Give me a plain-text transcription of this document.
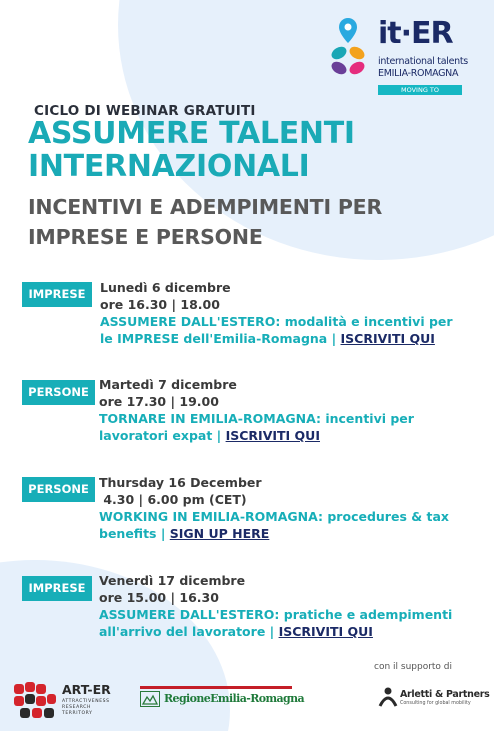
it·ER
international talents
EMILIA-ROMAGNA
MOVING TO
CICLO DI WEBINAR GRATUITI
ASSUMERE TALENTI
INTERNAZIONALI
INCENTIVI E ADEMPIMENTI PER
IMPRESE E PERSONE
IMPRESE	Lunedì 6 dicembre
ore 16.30 | 18.00
ASSUMERE DALL'ESTERO: modalità e incentivi per
le IMPRESE dell'Emilia-Romagna | ISCRIVITI QUI
PERSONE Martedì 7 dicembre
ore 17.30 | 19.00
TORNARE IN EMILIA-ROMAGNA: incentivi per
lavoratori expat | ISCRIVITI QUI
PERSONE Thursday 16 December
4.30 | 6.00 pm (CET)
WORKING IN EMILIA-ROMAGNA: procedures & tax
benefits | SIGN UP HERE
IMPRESE	Venerdì 17 dicembre
ore 15.00 | 16.30
ASSUMERE DALL'ESTERO: pratiche e adempimenti
all'arrivo del lavoratore | ISCRIVITI QUI
con il supporto di
ART-ER
ATTRACTIVENESS
RESEARCH
TERRITORY
RegioneEmilia-Romagna	Arletti & Partners
Consulting for global mobility
